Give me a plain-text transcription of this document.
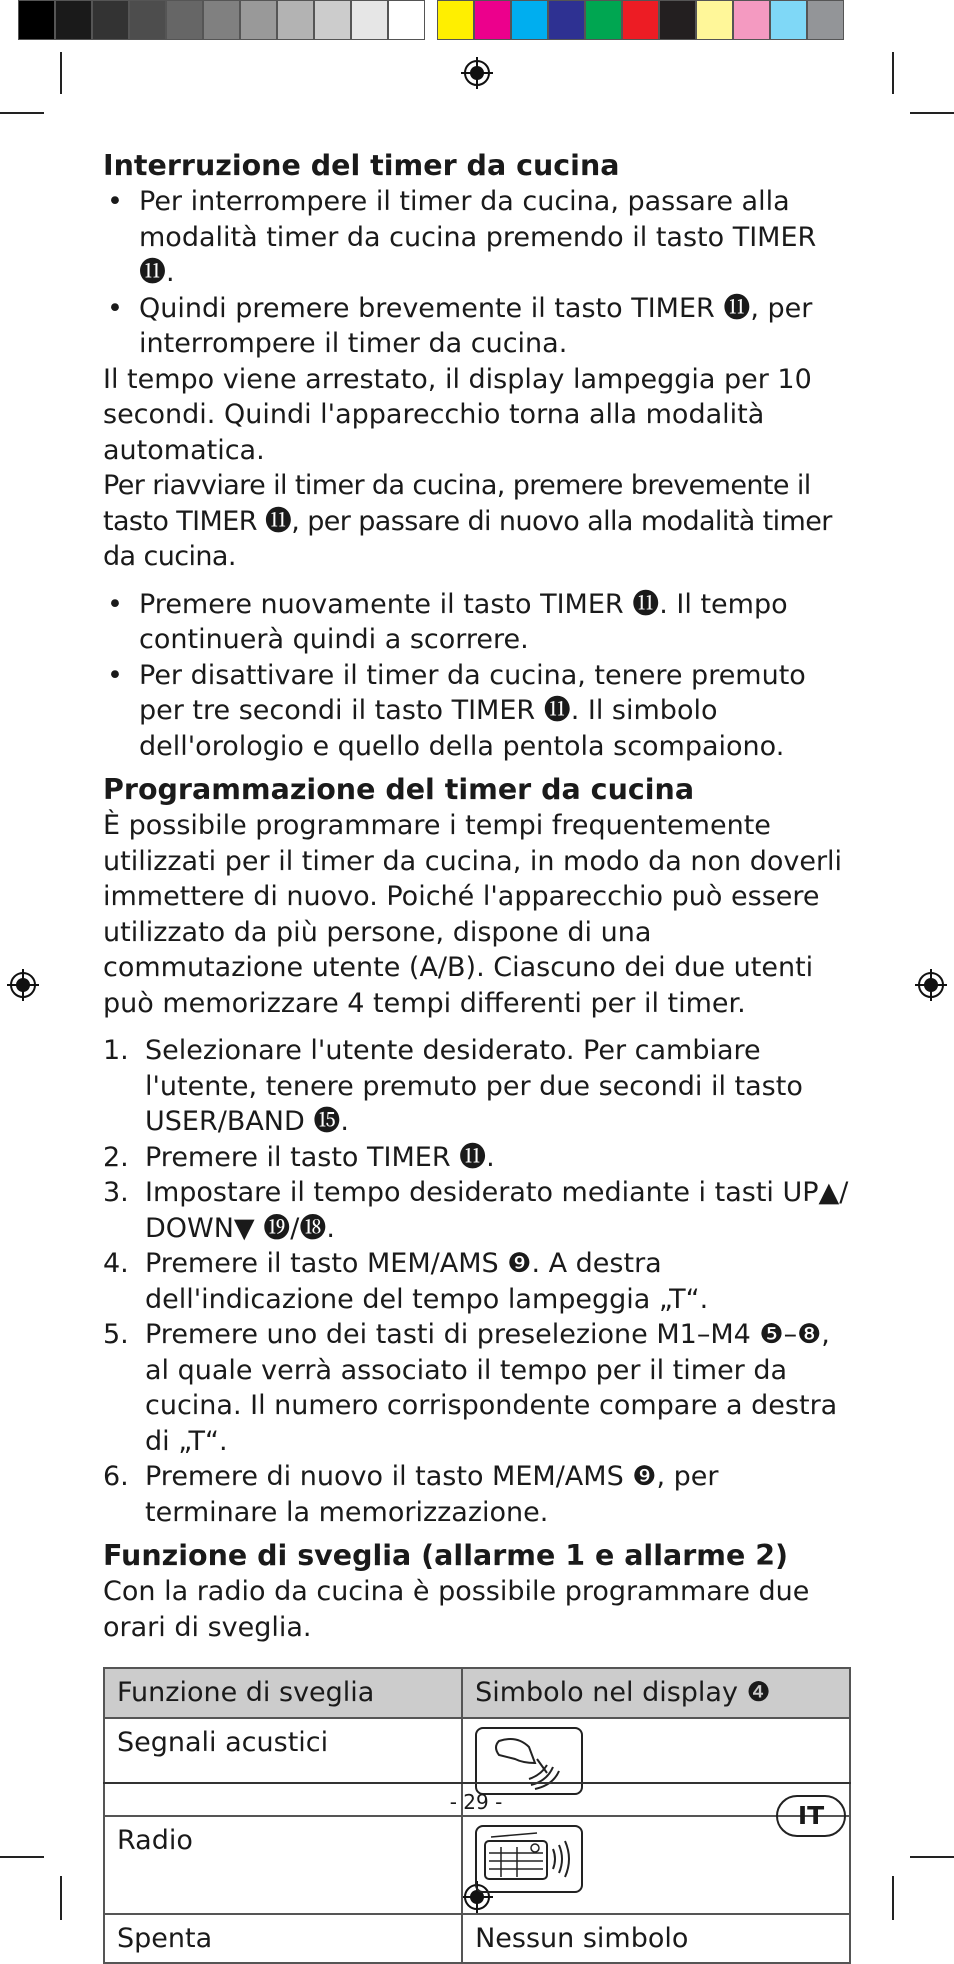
Interruzione del timer da cucina
• Per interrompere il timer da cucina, passare alla modalità timer da cucina premendo il tasto TIMER ⓫.
• Quindi premere brevemente il tasto TIMER ⓫, per interrompere il timer da cucina.

Il tempo viene arrestato, il display lampeggia per 10 secondi. Quindi l'apparecchio torna alla modalità automatica.

Per riavviare il timer da cucina, premere brevemente il tasto TIMER ⓫, per passare di nuovo alla modalità timer da cucina.

• Premere nuovamente il tasto TIMER ⓫. Il tempo continuerà quindi a scorrere.
• Per disattivare il timer da cucina, tenere premuto per tre secondi il tasto TIMER ⓫. Il simbolo dell'orologio e quello della pentola scompaiono.
Programmazione del timer da cucina

È possibile programmare i tempi frequentemente utilizzati per il timer da cucina, in modo da non doverli immettere di nuovo. Poiché l'apparecchio può essere utilizzato da più persone, dispone di una commutazione utente (A/B). Ciascuno dei due utenti può memorizzare 4 tempi differenti per il timer.

1. Selezionare l'utente desiderato. Per cambiare l'utente, tenere premuto per due secondi il tasto USER/BAND ⓯.
2. Premere il tasto TIMER ⓫.
3. Impostare il tempo desiderato mediante i tasti UP▲/ DOWN▼ ⓳/⓲.
4. Premere il tasto MEM/AMS ❾. A destra dell'indicazione del tempo lampeggia „T“.
5. Premere uno dei tasti di preselezione M1–M4 ❺–❽, al quale verrà associato il tempo per il timer da cucina. Il numero corrispondente compare a destra di „T“.
6. Premere di nuovo il tasto MEM/AMS ❾, per terminare la memorizzazione.
Funzione di sveglia (allarme 1 e allarme 2)

Con la radio da cucina è possibile programmare due orari di sveglia.

Funzione di sveglia	Simbolo nel display ❹
Segnali acustici	
Radio	
Spenta	Nessun simbolo
- 29 -	IT
